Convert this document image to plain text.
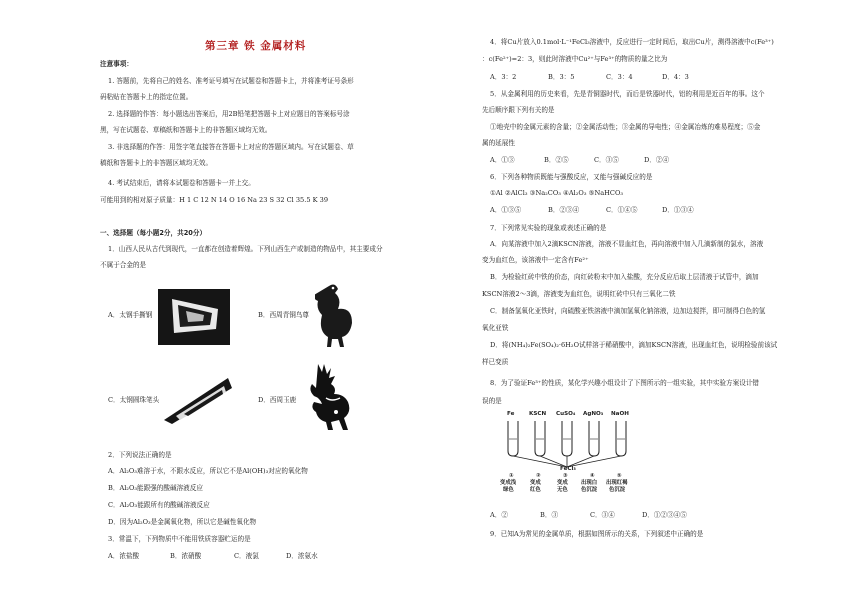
第三章 铁 金属材料
注意事项：
1. 答题前，先将自己的姓名、准考证号填写在试题卷和答题卡上，并将准考证号条形
码粘贴在答题卡上的指定位置。
2. 选择题的作答：每小题选出答案后，用2B铅笔把答题卡上对应题目的答案标号涂
黑，写在试题卷、草稿纸和答题卡上的非答题区域均无效。
3. 非选择题的作答：用签字笔直接答在答题卡上对应的答题区域内。写在试题卷、草
稿纸和答题卡上的非答题区域均无效。
4. 考试结束后，请将本试题卷和答题卡一并上交。
可能用到的相对原子质量：H 1 C 12 N 14 O 16 Na 23 S 32 Cl 35.5 K 39
一、选择题（每小题2分，共20分）
1．山西人民从古代到现代，一直都在创造着辉煌。下列山西生产或制造的物品中，其主要成分
不属于合金的是
A．太钢手撕钢	B．西周青铜鸟尊
C．太钢圆珠笔头	D．西周玉鹿
2．下列说法正确的是
A．Al₂O₃难溶于水，不跟水反应，所以它不是Al(OH)₃对应的氧化物
B．Al₂O₃能跟强的酸碱溶液反应
C．Al₂O₃能跟所有的酸碱溶液反应
D．因为Al₂O₃是金属氧化物，所以它是碱性氧化物
3．常温下，下列物质中不能用铁质容器贮运的是
A．浓盐酸	B．浓硝酸	C．液氯	D．浓氨水
4．将Cu片放入0.1mol·L⁻¹FeCl₃溶液中，反应进行一定时间后，取出Cu片，测得溶液中c(Fe³⁺)
：c(Fe²⁺)=2：3，则此时溶液中Cu²⁺与Fe³⁺的物质的量之比为
A．3：2	B．3：5	C．3：4	D．4：3
5．从金属利用的历史来看，先是青铜器时代，而后是铁器时代，铝的利用是近百年的事。这个
先后顺序跟下列有关的是
①地壳中的金属元素的含量；②金属活动性；③金属的导电性；④金属冶炼的难易程度；⑤金
属的延展性
A．①③	B．②⑤	C．③⑤	D．②④
6．下列各种物质既能与强酸反应，又能与强碱反应的是
①Al ②AlCl₃ ③Na₂CO₃ ④Al₂O₃ ⑤NaHCO₃
A．①③⑤	B．②③④	C．①④⑤	D．①③④
7．下列常见实验的现象或表述正确的是
A．向某溶液中加入2滴KSCN溶液，溶液不显血红色，再向溶液中加入几滴新制的氯水，溶液
变为血红色，该溶液中一定含有Fe²⁺
B．为检验红砖中铁的价态，向红砖粉末中加入盐酸，充分反应后取上层清液于试管中，滴加
KSCN溶液2～3滴，溶液变为血红色，说明红砖中只有三氧化二铁
C．制备氢氧化亚铁时，向硫酸亚铁溶液中滴加氢氧化钠溶液，边加边搅拌，即可制得白色的氢
氧化亚铁
D．将(NH₄)₂Fe(SO₄)₂·6H₂O试样溶于稀硝酸中，滴加KSCN溶液，出现血红色，说明检验前该试
样已变质
8．为了验证Fe³⁺的性质，某化学兴趣小组设计了下图所示的一组实验，其中实验方案设计错
误的是
Fe	KSCN CuSO₄ AgNO₃ NaOH
FeCl₃
①
变成浅
绿色
②
变成
红色
③
变成
无色
④
出现白
色沉淀
⑤
出现红褐
色沉淀
A．②	B．③	C．③④	D．①②③④⑤
9．已知A为常见的金属单质，根据如图所示的关系，下列叙述中正确的是
